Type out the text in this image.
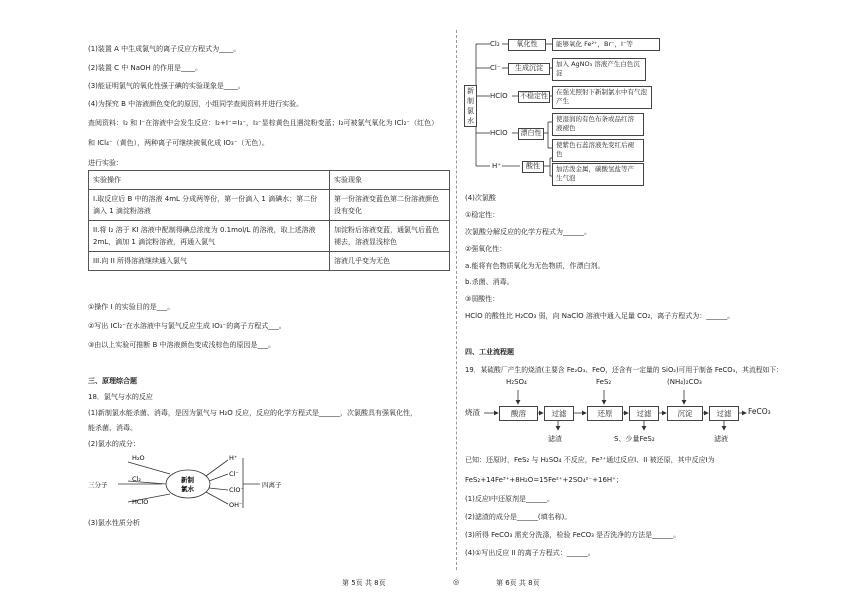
(1)装置 A 中生成氯气的离子反应方程式为____。
(2)装置 C 中 NaOH 的作用是____。
(3)能证明氯气的氧化性强于碘的实验现象是____。
(4)为探究 B 中溶液颜色变化的原因，小组同学查阅资料并进行实验。
查阅资料：I₂ 和 I⁻在溶液中会发生反应：I₂+I⁻=I₃⁻，I₃⁻显棕黄色且遇淀粉变蓝；I₂可被氯气氧化为 ICl₂⁻（红色）
和 ICl₄⁻（黄色），两种离子可继续被氧化成 IO₃⁻（无色）。
进行实验：
实验操作	实验现象
I.取反应后 B 中的溶液 4mL 分成两等份，第一份滴入 1 滴碘水；第二份
滴入 1 滴淀粉溶液	第一份溶液变蓝色第二份溶液颜色
没有变化
II.将 I₂ 溶于 KI 溶液中配制得碘总浓度为 0.1mol/L 的溶液，取上述溶液
2mL，滴加 1 滴淀粉溶液，再通入氯气	加淀粉后溶液变蓝，通氯气后蓝色
褪去，溶液显浅棕色
III.向 II 所得溶液继续通入氯气	溶液几乎变为无色
①操作 I 的实验目的是___。
②写出 ICl₂⁻在水溶液中与氯气反应生成 IO₃⁻的离子方程式___。
③由以上实验可推断 B 中溶液颜色变成浅棕色的原因是___。
三、原理综合题
18．氯气与水的反应
(1)新制氯水能杀菌、消毒，是因为氯气与 H₂O 反应，反应的化学方程式是______，次氯酸具有强氧化性，
能杀菌、消毒。
(2)氯水的成分：
H₂O
Cl₂
HClO
三分子
新制
氯水
H⁺
Cl⁻
ClO⁻
OH⁻
四离子
(3)氯水性质分析
新制氯水
Cl₂	氧化性	能够氧化 Fe²⁺，Br⁻，I⁻等
Cl⁻	生成沉淀	加入 AgNO₃ 溶液产生白色沉淀
HClO 不稳定性	在强光照射下新制氯水中有气泡产生
HClO	漂白性
使湿润的有色布条或品红溶液褪色
使紫色石蕊溶液先变红后褪色
H⁺	酸性	加活泼金属，碳酸氢盐等产生气泡
(4)次氯酸
①稳定性：
次氯酸分解反应的化学方程式为______。
②强氧化性：
a.能将有色物质氧化为无色物质，作漂白剂。
b.杀菌、消毒。
③弱酸性：
HClO 的酸性比 H₂CO₃ 弱，向 NaClO 溶液中通入足量 CO₂，离子方程式为：______。
四、工业流程题
19．某硫酸厂产生的烧渣(主要含 Fe₂O₃、FeO，还含有一定量的 SiO₂)可用于制备 FeCO₃，其流程如下：
烧渣	酸溶	过滤	还原	过滤	沉淀	过滤	FeCO₃
H₂SO₄	FeS₂	(NH₄)₂CO₃
滤渣	S、少量FeS₂	滤液
已知：还原时，FeS₂ 与 H₂SO₄ 不反应，Fe³⁺通过反应Ⅰ、II 被还原，其中反应Ⅰ为
FeS₂+14Fe³⁺+8H₂O=15Fe²⁺+2SO₄²⁻+16H⁺；
(1)反应Ⅰ中还原剂是______。
(2)滤渣的成分是______(填名称)。
(3)所得 FeCO₃ 需充分洗涤，检验 FeCO₃ 是否洗净的方法是______。
(4)①写出反应 II 的离子方程式：______。
第 5页 共 8页	◎	第 6页 共 8页
